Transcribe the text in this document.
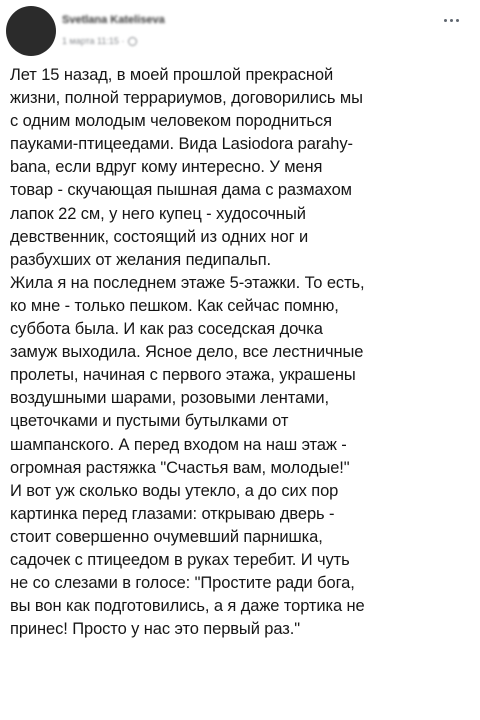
Svetlana Kateliseva
1 марта 11:15 ·
Лет 15 назад, в моей прошлой прекрасной
жизни, полной террариумов, договорились мы
с одним молодым человеком породниться
пауками-птицеедами. Вида Lasiodora parahy-
bana, если вдруг кому интересно. У меня
товар - скучающая пышная дама с размахом
лапок 22 см, у него купец - худосочный
девственник, состоящий из одних ног и
разбухших от желания педипальп.
Жила я на последнем этаже 5-этажки. То есть,
ко мне - только пешком. Как сейчас помню,
суббота была. И как раз соседская дочка
замуж выходила. Ясное дело, все лестничные
пролеты, начиная с первого этажа, украшены
воздушными шарами, розовыми лентами,
цветочками и пустыми бутылками от
шампанского. А перед входом на наш этаж -
огромная растяжка "Счастья вам, молодые!"
И вот уж сколько воды утекло, а до сих пор
картинка перед глазами: открываю дверь -
стоит совершенно очумевший парнишка,
садочек с птицеедом в руках теребит. И чуть
не со слезами в голосе: "Простите ради бога,
вы вон как подготовились, а я даже тортика не
принес! Просто у нас это первый раз."
